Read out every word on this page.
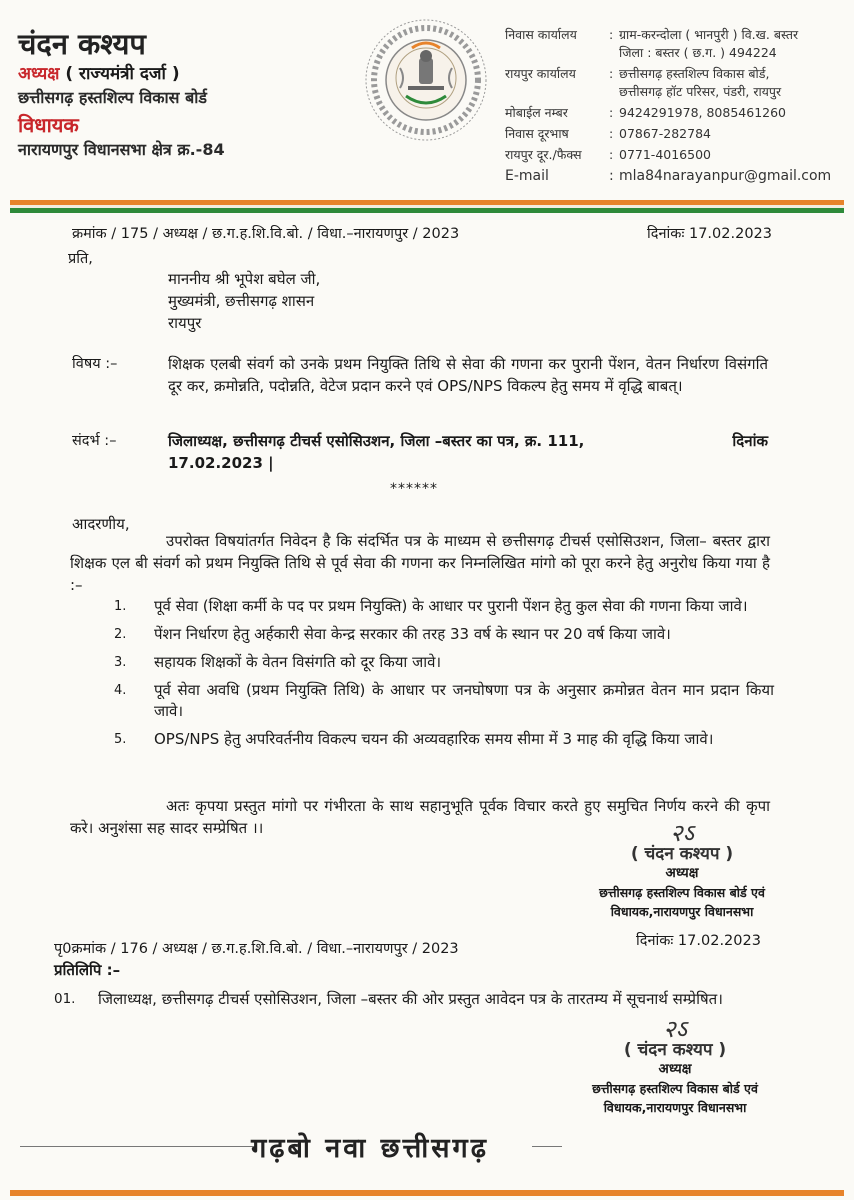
चंदन कश्यप
अध्यक्ष ( राज्यमंत्री दर्जा )
छत्तीसगढ़ हस्तशिल्प विकास बोर्ड
विधायक
नारायणपुर विधानसभा क्षेत्र क्र.-84
निवास कार्यालय	: ग्राम-करन्दोला ( भानपुरी ) वि.ख. बस्तर
जिला : बस्तर ( छ.ग. ) 494224
रायपुर कार्यालय	: छत्तीसगढ़ हस्तशिल्प विकास बोर्ड,
छत्तीसगढ़ हॉट परिसर, पंडरी, रायपुर
मोबाईल नम्बर	: 9424291978, 8085461260
निवास दूरभाष	: 07867-282784
रायपुर दूर./फैक्स	: 0771-4016500
E-mail	: mla84narayanpur@gmail.com
क्रमांक / 175 / अध्यक्ष / छ.ग.ह.शि.वि.बो. / विधा.–नारायणपुर / 2023	दिनांकः 17.02.2023
प्रति,
माननीय श्री भूपेश बघेल जी,
मुख्यमंत्री, छत्तीसगढ़ शासन
रायपुर
विषय :–	शिक्षक एलबी संवर्ग को उनके प्रथम नियुक्ति तिथि से सेवा की गणना कर पुरानी पेंशन, वेतन निर्धारण विसंगति दूर कर, क्रमोन्नति, पदोन्नति, वेटेज प्रदान करने एवं OPS/NPS विकल्प हेतु समय में वृद्धि बाबत्।
संदर्भ :–	जिलाध्यक्ष, छत्तीसगढ़ टीचर्स एसोसिउशन, जिला –बस्तर का पत्र, क्र. 111,	दिनांक
17.02.2023 |
******
आदरणीय,
उपरोक्त विषयांतर्गत निवेदन है कि संदर्भित पत्र के माध्यम से छत्तीसगढ़ टीचर्स एसोसिउशन, जिला– बस्तर द्वारा शिक्षक एल बी संवर्ग को प्रथम नियुक्ति तिथि से पूर्व सेवा की गणना कर निम्नलिखित मांगो को पूरा करने हेतु अनुरोध किया गया है :–
1.	पूर्व सेवा (शिक्षा कर्मी के पद पर प्रथम नियुक्ति) के आधार पर पुरानी पेंशन हेतु कुल सेवा की गणना किया जावे।
2.	पेंशन निर्धारण हेतु अर्हकारी सेवा केन्द्र सरकार की तरह 33 वर्ष के स्थान पर 20 वर्ष किया जावे।
3.	सहायक शिक्षकों के वेतन विसंगति को दूर किया जावे।
4.	पूर्व सेवा अवधि (प्रथम नियुक्ति तिथि) के आधार पर जनघोषणा पत्र के अनुसार क्रमोन्नत वेतन मान प्रदान किया जावे।
5.	OPS/NPS हेतु अपरिवर्तनीय विकल्प चयन की अव्यवहारिक समय सीमा में 3 माह की वृद्धि किया जावे।
अतः कृपया प्रस्तुत मांगो पर गंभीरता के साथ सहानुभूति पूर्वक विचार करते हुए समुचित निर्णय करने की कृपा करे। अनुशंसा सह सादर सम्प्रेषित ।।	२ऽ
( चंदन कश्यप )
अध्यक्ष
छत्तीसगढ़ हस्तशिल्प विकास बोर्ड एवं
विधायक,नारायणपुर विधानसभा
दिनांकः 17.02.2023
पृ0क्रमांक / 176 / अध्यक्ष / छ.ग.ह.शि.वि.बो. / विधा.–नारायणपुर / 2023
प्रतिलिपि :–
01.	जिलाध्यक्ष, छत्तीसगढ़ टीचर्स एसोसिउशन, जिला –बस्तर की ओर प्रस्तुत आवेदन पत्र के तारतम्य में सूचनार्थ सम्प्रेषित।
२ऽ
( चंदन कश्यप )
अध्यक्ष
छत्तीसगढ़ हस्तशिल्प विकास बोर्ड एवं
विधायक,नारायणपुर विधानसभा
गढ़बो नवा छत्तीसगढ़
